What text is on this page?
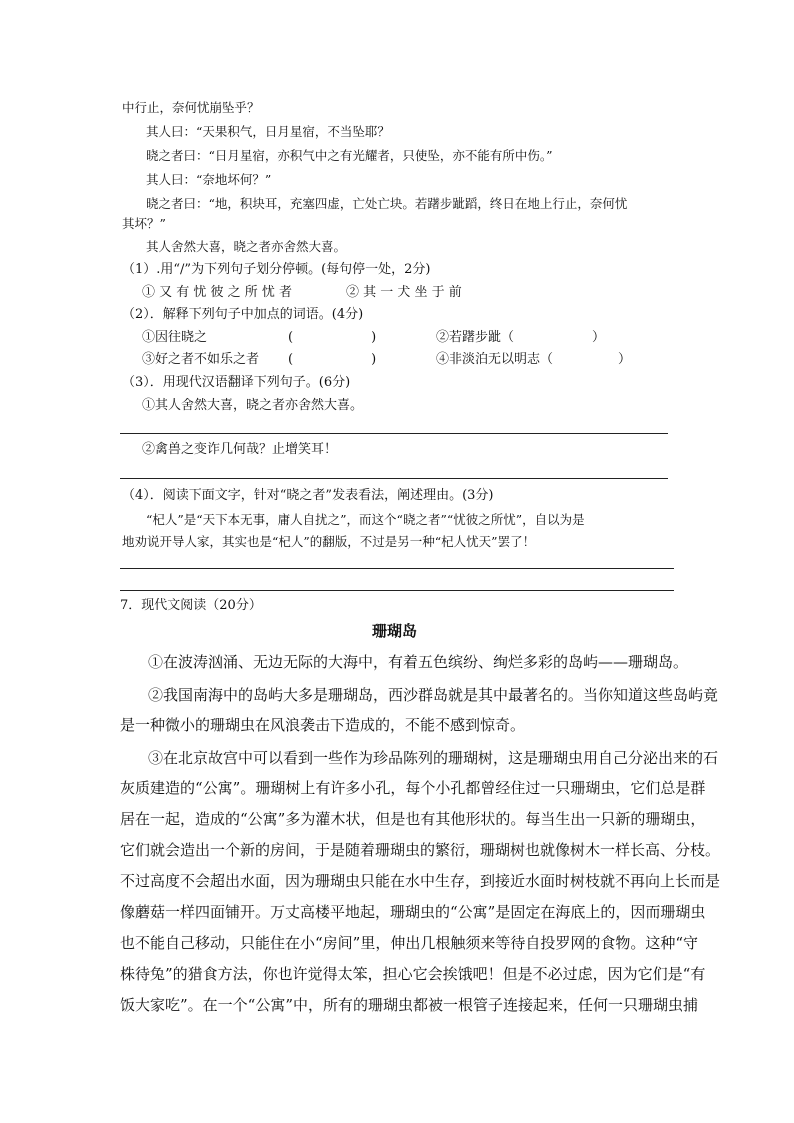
中行止，奈何忧崩坠乎？
其人曰：“天果积气，日月星宿，不当坠耶？
晓之者曰：“日月星宿，亦积气中之有光耀者，只使坠，亦不能有所中伤。”
其人曰：“奈地坏何？”
晓之者曰：“地，积块耳，充塞四虚，亡处亡块。若躇步跐蹈，终日在地上行止，奈何忧
其坏？”
其人舍然大喜，晓之者亦舍然大喜。
（1）.用“/”为下列句子划分停顿。(每句停一处，2分)
① 又 有 忧 彼 之 所 忧 者	② 其 一 犬 坐 于 前
（2）．解释下列句子中加点的词语。(4分)
①因往晓之	(　　　　　　)	②若躇步跐（　　　　　　）
③好之者不如乐之者 (　　　　　　)	④非淡泊无以明志（　　　　　）
（3）．用现代汉语翻译下列句子。(6分)
①其人舍然大喜，晓之者亦舍然大喜。
②禽兽之变诈几何哉？止增笑耳！
（4）．阅读下面文字，针对“晓之者”发表看法，阐述理由。(3分)
“杞人”是“天下本无事，庸人自扰之”，而这个“晓之者”“忧彼之所忧”，自以为是
地劝说开导人家，其实也是“杞人”的翻版，不过是另一种“杞人忧天”罢了！
7．现代文阅读（20分）
珊瑚岛
①在波涛汹涌、无边无际的大海中，有着五色缤纷、绚烂多彩的岛屿——珊瑚岛。
②我国南海中的岛屿大多是珊瑚岛，西沙群岛就是其中最著名的。当你知道这些岛屿竟
是一种微小的珊瑚虫在风浪袭击下造成的，不能不感到惊奇。
③在北京故宫中可以看到一些作为珍品陈列的珊瑚树，这是珊瑚虫用自己分泌出来的石
灰质建造的“公寓”。珊瑚树上有许多小孔，每个小孔都曾经住过一只珊瑚虫，它们总是群
居在一起，造成的“公寓”多为灌木状，但是也有其他形状的。每当生出一只新的珊瑚虫，
它们就会造出一个新的房间，于是随着珊瑚虫的繁衍，珊瑚树也就像树木一样长高、分枝。
不过高度不会超出水面，因为珊瑚虫只能在水中生存，到接近水面时树枝就不再向上长而是
像蘑菇一样四面铺开。万丈高楼平地起，珊瑚虫的“公寓”是固定在海底上的，因而珊瑚虫
也不能自己移动，只能住在小“房间”里，伸出几根触须来等待自投罗网的食物。这种“守
株待兔”的猎食方法，你也许觉得太笨，担心它会挨饿吧！但是不必过虑，因为它们是“有
饭大家吃”。在一个“公寓”中，所有的珊瑚虫都被一根管子连接起来，任何一只珊瑚虫捕
